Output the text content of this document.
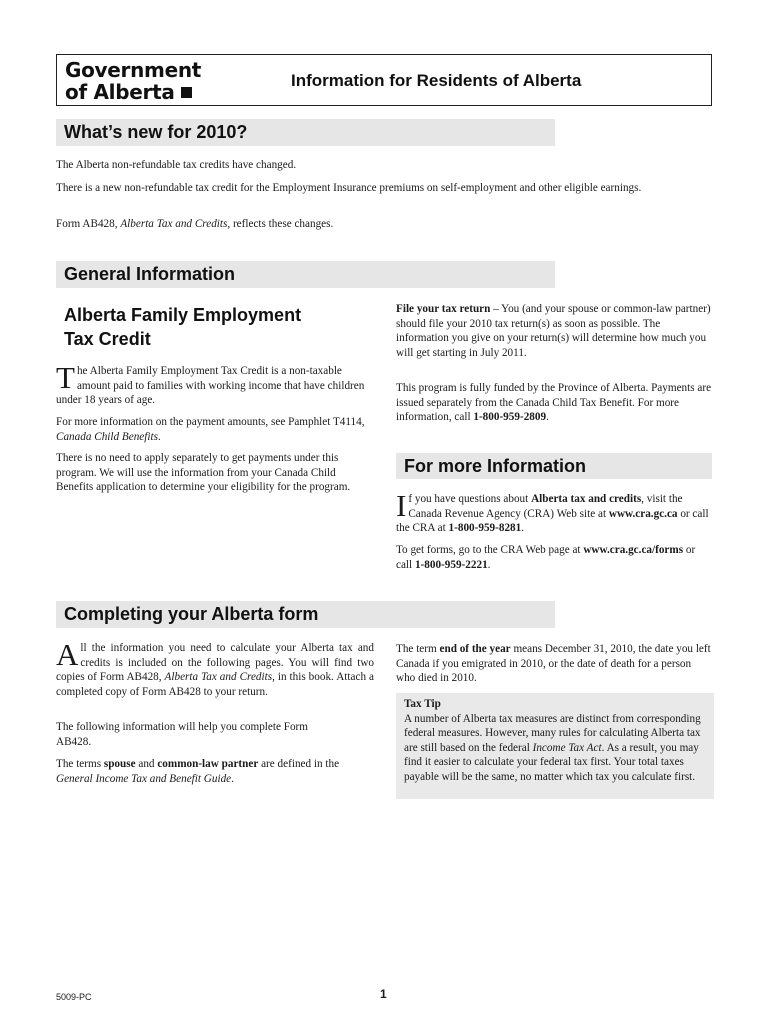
Government
of Alberta	Information for Residents of Alberta
What’s new for 2010?

The Alberta non-refundable tax credits have changed.

There is a new non-refundable tax credit for the Employment Insurance premiums on self-employment and other eligible earnings.

Form AB428, Alberta Tax and Credits, reflects these changes.

General Information
Alberta Family Employment
Tax Credit

The Alberta Family Employment Tax Credit is a non-taxable amount paid to families with working income that have children under 18 years of age.

For more information on the payment amounts, see Pamphlet T4114, Canada Child Benefits.

There is no need to apply separately to get payments under this program. We will use the information from your Canada Child Benefits application to determine your eligibility for the program.

File your tax return – You (and your spouse or common-law partner) should file your 2010 tax return(s) as soon as possible. The information you give on your return(s) will determine how much you will get starting in July 2011.

This program is fully funded by the Province of Alberta. Payments are issued separately from the Canada Child Tax Benefit. For more information, call 1-800-959-2809.

For more Information

If you have questions about Alberta tax and credits, visit the Canada Revenue Agency (CRA) Web site at www.cra.gc.ca or call the CRA at 1-800-959-8281.

To get forms, go to the CRA Web page at www.cra.gc.ca/forms or call 1-800-959-2221.

Completing your Alberta form

All the information you need to calculate your Alberta tax and credits is included on the following pages. You will find two copies of Form AB428, Alberta Tax and Credits, in this book. Attach a completed copy of Form AB428 to your return.

The following information will help you complete Form AB428.

The terms spouse and common-law partner are defined in the General Income Tax and Benefit Guide.

The term end of the year means December 31, 2010, the date you left Canada if you emigrated in 2010, or the date of death for a person who died in 2010.

Tax Tip
A number of Alberta tax measures are distinct from corresponding federal measures. However, many rules for calculating Alberta tax are still based on the federal Income Tax Act. As a result, you may find it easier to calculate your federal tax first. Your total taxes payable will be the same, no matter which tax you calculate first.
5009-PC	1
